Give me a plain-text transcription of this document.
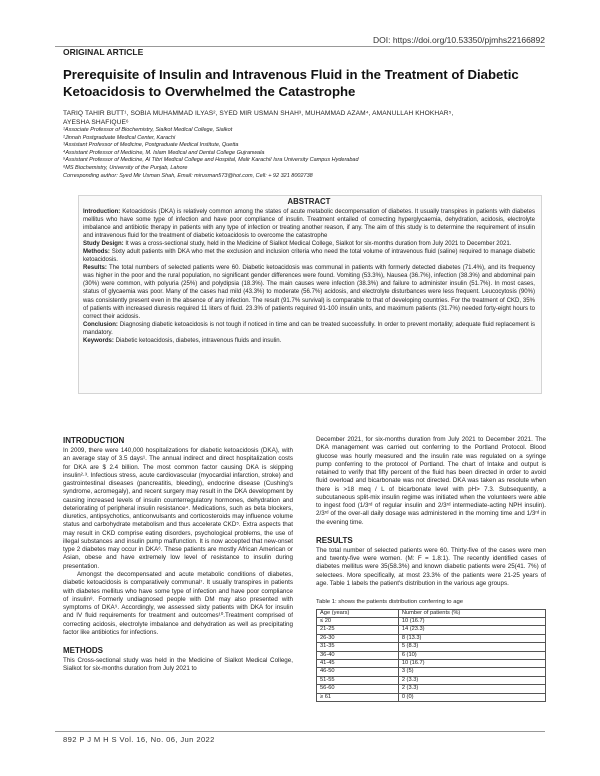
DOI: https://doi.org/10.53350/pjmhs22166892
ORIGINAL ARTICLE
Prerequisite of Insulin and Intravenous Fluid in the Treatment of Diabetic Ketoacidosis to Overwhelmed the Catastrophe
TARIQ TAHIR BUTT¹, SOBIA MUHAMMAD ILYAS², SYED MIR USMAN SHAH³, MUHAMMAD AZAM⁴, AMANULLAH KHOKHAR⁵,
AYESHA SHAFIQUE⁶
¹Associate Professor of Biochemistry, Sialkot Medical College, Sialkot
²Jinnah Postgraduate Medical Center, Karachi
³Assistant Professor of Medicine, Postgraduate Medical Institute, Quetta
⁴Assistant Professor of Medicine, M. Islam Medical and Dental College Gujranwala
⁵Assistant Professor of Medicine, Al Tibri Medical College and Hospital, Malir Karachi/ Isra University Campus Hyderabad
⁶MS Biochemistry, University of the Punjab, Lahore
Corresponding author: Syed Mir Usman Shah, Email: mirusman573@hot.com, Cell: + 92 321 8002738
ABSTRACT

Introduction: Ketoacidosis (DKA) is relatively common among the states of acute metabolic decompensation of diabetes. It usually transpires in patients with diabetes mellitus who have some type of infection and have poor compliance of insulin. Treatment entailed of correcting hyperglycaemia, dehydration, acidosis, electrolyte imbalance and antibiotic therapy in patients with any type of infection or treating another reason, if any. The aim of this study is to determine the requirement of insulin and intravenous fluid for the treatment of diabetic ketoacidosis to overcome the catastrophe

Study Design: It was a cross-sectional study, held in the Medicine of Sialkot Medical College, Sialkot for six-months duration from July 2021 to December 2021.

Methods: Sixty adult patients with DKA who met the exclusion and inclusion criteria who need the total volume of intravenous fluid (saline) required to manage diabetic ketoacidosis.

Results: The total numbers of selected patients were 60. Diabetic ketoacidosis was communal in patients with formerly detected diabetes (71.4%), and its frequency was higher in the poor and the rural population, no significant gender differences were found. Vomiting (53.3%), Nausea (36.7%), infection (38.3%) and abdominal pain (30%) were common, with polyuria (25%) and polydipsia (18.3%). The main causes were infection (38.3%) and failure to administer insulin (51.7%). In most cases, status of glycaemia was poor. Many of the cases had mild (43.3%) to moderate (56.7%) acidosis, and electrolyte disturbances were less frequent. Leucocytosis (90%) was consistently present even in the absence of any infection. The result (91.7% survival) is comparable to that of developing countries. For the treatment of CKD, 35% of patients with increased diuresis required 11 liters of fluid. 23.3% of patients required 91-100 insulin units, and maximum patients (31.7%) needed forty-eight hours to correct their acidosis.

Conclusion: Diagnosing diabetic ketoacidosis is not tough if noticed in time and can be treated successfully. In order to prevent mortality; adequate fluid replacement is mandatory.

Keywords: Diabetic ketoacidosis, diabetes, intravenous fluids and insulin.

INTRODUCTION

In 2009, there were 140,000 hospitalizations for diabetic ketoacidosis (DKA), with an average stay of 3.5 days¹. The annual indirect and direct hospitalization costs for DKA are $ 2.4 billion. The most common factor causing DKA is skipping insulin²·³. Infectious stress, acute cardiovascular (myocardial infarction, stroke) and gastrointestinal diseases (pancreatitis, bleeding), endocrine disease (Cushing's syndrome, acromegaly), and recent surgery may result in the DKA development by causing increased levels of insulin counterregulatory hormones, dehydration and deteriorating of peripheral insulin resistance⁴. Medications, such as beta blockers, diuretics, antipsychotics, anticonvulsants and corticosteroids may influence volume status and carbohydrate metabolism and thus accelerate CKD⁵. Extra aspects that may result in CKD comprise eating disorders, psychological problems, the use of illegal substances and insulin pump malfunction. It is now accepted that new-onset type 2 diabetes may occur in DKA⁶. These patients are mostly African American or Asian, obese and have extremely low level of resistance to insulin during presentation.

Amongst the decompensated and acute metabolic conditions of diabetes, diabetic ketoacidosis is comparatively communal⁷. It usually transpires in patients with diabetes mellitus who have some type of infection and have poor compliance of insulin⁸. Formerly undiagnosed people with DM may also presented with symptoms of DKA⁹. Accordingly, we assessed sixty patients with DKA for insulin and IV fluid requirements for treatment and outcomes¹⁰.Treatment comprised of correcting acidosis, electrolyte imbalance and dehydration as well as precipitating factor like antibiotics for infections.

METHODS

This Cross-sectional study was held in the Medicine of Sialkot Medical College, Sialkot for six-months duration from July 2021 to

December 2021, for six-months duration from July 2021 to December 2021. The DKA management was carried out conferring to the Portland Protocol. Blood glucose was hourly measured and the insulin rate was regulated on a syringe pump conferring to the protocol of Portland. The chart of Intake and output is retained to verify that fifty percent of the fluid has been directed in order to avoid fluid overload and bicarbonate was not directed. DKA was taken as resolute when there is >18 meq / L of bicarbonate level with pH> 7.3. Subsequently, a subcutaneous split-mix insulin regime was initiated when the volunteers were able to ingest food (1/3ʳᵈ of regular insulin and 2/3ʳᵈ intermediate-acting NPH insulin). 2/3ʳᵈ of the over-all daily dosage was administered in the morning time and 1/3ʳᵈ in the evening time.

RESULTS

The total number of selected patients were 60. Thirty-five of the cases were men and twenty-five were women. (M: F = 1.8:1). The recently identified cases of diabetes mellitus were 35(58.3%) and known diabetic patients were 25(41. 7%) of selectees. More specifically, at most 23.3% of the patients were 21-25 years of age. Table 1 labels the patient's distribution in the various age groups.

Table 1: shows the patients distribution conferring to age
Age (years)	Number of patients (%)
≤ 20	10 (16.7)
21-25	14 (23.3)
26-30	8 (13.3)
31-35	5 (8.3)
36-40	6 (10)
41-45	10 (16.7)
46-50	3 (5)
51-55	2 (3.3)
56-60	2 (3.3)
≥ 61	0 (0)
892 P J M H S Vol. 16, No. 06, Jun 2022
